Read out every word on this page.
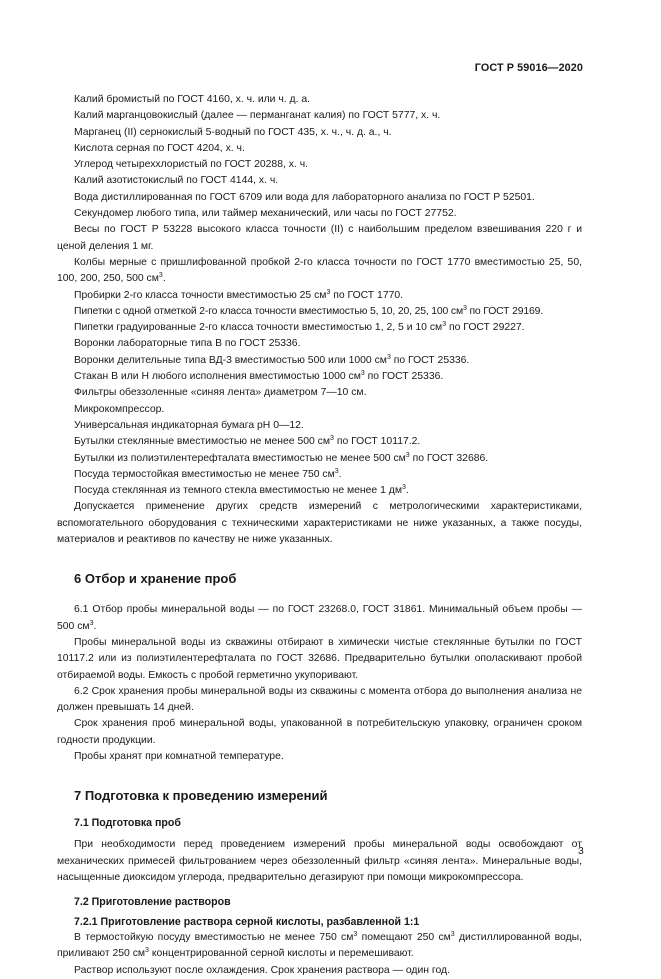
ГОСТ Р 59016—2020

Калий бромистый по ГОСТ 4160, х. ч. или ч. д. а.

Калий марганцовокислый (далее — перманганат калия) по ГОСТ 5777, х. ч.

Марганец (II) сернокислый 5-водный по ГОСТ 435, х. ч., ч. д. а., ч.

Кислота серная по ГОСТ 4204, х. ч.

Углерод четыреххлористый по ГОСТ 20288, х. ч.

Калий азотистокислый по ГОСТ 4144, х. ч.

Вода дистиллированная по ГОСТ 6709 или вода для лабораторного анализа по ГОСТ Р 52501.

Секундомер любого типа, или таймер механический, или часы по ГОСТ 27752.

Весы по ГОСТ Р 53228 высокого класса точности (II) с наибольшим пределом взвешивания 220 г и ценой деления 1 мг.

Колбы мерные с пришлифованной пробкой 2-го класса точности по ГОСТ 1770 вместимостью 25, 50, 100, 200, 250, 500 $см^3$.

Пробирки 2-го класса точности вместимостью 25 $см^3$ по ГОСТ 1770.

Пипетки с одной отметкой 2-го класса точности вместимостью 5, 10, 20, 25, 100 $см^3$ по ГОСТ 29169.

Пипетки градуированные 2-го класса точности вместимостью 1, 2, 5 и 10 $см^3$ по ГОСТ 29227.

Воронки лабораторные типа В по ГОСТ 25336.

Воронки делительные типа ВД-3 вместимостью 500 или 1000 $см^3$ по ГОСТ 25336.

Стакан В или Н любого исполнения вместимостью 1000 $см^3$ по ГОСТ 25336.

Фильтры обеззоленные «синяя лента» диаметром 7—10 см.

Микрокомпрессор.

Универсальная индикаторная бумага pH 0—12.

Бутылки стеклянные вместимостью не менее 500 $см^3$ по ГОСТ 10117.2.

Бутылки из полиэтилентерефталата вместимостью не менее 500 $см^3$ по ГОСТ 32686.

Посуда термостойкая вместимостью не менее 750 $см^3$.

Посуда стеклянная из темного стекла вместимостью не менее 1 $дм^3$.

Допускается применение других средств измерений с метрологическими характеристиками, вспомогательного оборудования с техническими характеристиками не ниже указанных, а также посуды, материалов и реактивов по качеству не ниже указанных.

6 Отбор и хранение проб

6.1 Отбор пробы минеральной воды — по ГОСТ 23268.0, ГОСТ 31861. Минимальный объем пробы — 500 $см^3$.

Пробы минеральной воды из скважины отбирают в химически чистые стеклянные бутылки по ГОСТ 10117.2 или из полиэтилентерефталата по ГОСТ 32686. Предварительно бутылки ополаскивают пробой отбираемой воды. Емкость с пробой герметично укупоривают.

6.2 Срок хранения пробы минеральной воды из скважины с момента отбора до выполнения анализа не должен превышать 14 дней.

Срок хранения проб минеральной воды, упакованной в потребительскую упаковку, ограничен сроком годности продукции.

Пробы хранят при комнатной температуре.

7 Подготовка к проведению измерений
7.1 Подготовка проб

При необходимости перед проведением измерений пробы минеральной воды освобождают от механических примесей фильтрованием через обеззоленный фильтр «синяя лента». Минеральные воды, насыщенные диоксидом углерода, предварительно дегазируют при помощи микрокомпрессора.

7.2 Приготовление растворов
7.2.1 Приготовление раствора серной кислоты, разбавленной 1:1

В термостойкую посуду вместимостью не менее 750 $см^3$ помещают 250 $см^3$ дистиллированной воды, приливают 250 $см^3$ концентрированной серной кислоты и перемешивают.

Раствор используют после охлаждения. Срок хранения раствора — один год.

3
